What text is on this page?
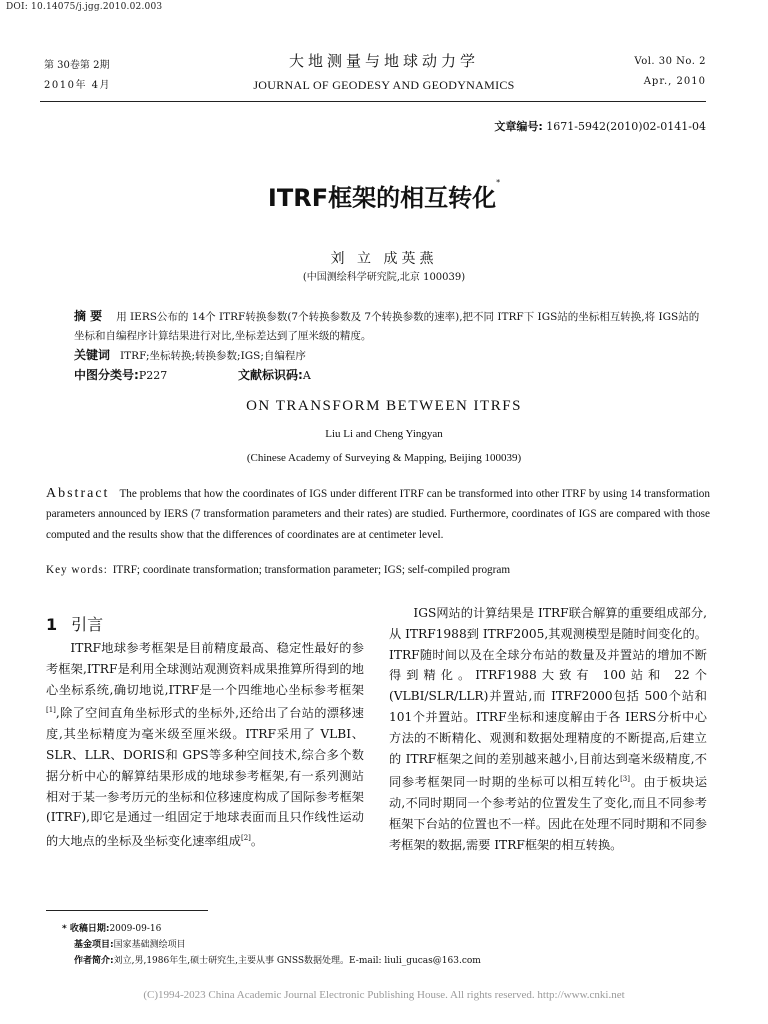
DOI: 10.14075/j.jgg.2010.02.003
第 30卷第 2期
2010年 4月
大地测量与地球动力学
JOURNAL OF GEODESY AND GEODYNAMICS
Vol. 30 No. 2
Apr., 2010
文章编号: 1671-5942(2010)02-0141-04
ITRF框架的相互转化*
刘 立 成英燕
(中国测绘科学研究院,北京 100039)
摘 要 用 IERS公布的 14个 ITRF转换参数(7个转换参数及 7个转换参数的速率),把不同 ITRF下 IGS站的坐标相互转换,将 IGS站的坐标和自编程序计算结果进行对比,坐标差达到了厘米级的精度。
关键词 ITRF;坐标转换;转换参数;IGS;自编程序
中图分类号:P227	文献标识码:A
ON TRANSFORM BETWEEN ITRFS
Liu Li and Cheng Yingyan
(Chinese Academy of Surveying & Mapping, Beijing 100039)
Abstract The problems that how the coordinates of IGS under different ITRF can be transformed into other ITRF by using 14 transformation parameters announced by IERS (7 transformation parameters and their rates) are studied. Furthermore, coordinates of IGS are compared with those computed and the results show that the differences of coordinates are at centimeter level.
Key words: ITRF; coordinate transformation; transformation parameter; IGS; self-compiled program
1 引言

ITRF地球参考框架是目前精度最高、稳定性最好的参考框架,ITRF是利用全球测站观测资料成果推算所得到的地心坐标系统,确切地说,ITRF是一个四维地心坐标参考框架[1],除了空间直角坐标形式的坐标外,还给出了台站的漂移速度,其坐标精度为毫米级至厘米级。ITRF采用了 VLBI、SLR、LLR、DORIS和 GPS等多种空间技术,综合多个数据分析中心的解算结果形成的地球参考框架,有一系列测站相对于某一参考历元的坐标和位移速度构成了国际参考框架(ITRF),即它是通过一组固定于地球表面而且只作线性运动的大地点的坐标及坐标变化速率组成[2]。

IGS网站的计算结果是 ITRF联合解算的重要组成部分,从 ITRF1988到 ITRF2005,其观测模型是随时间变化的。ITRF随时间以及在全球分布站的数量及并置站的增加不断得到精化。ITRF1988大致有 100站和 22个(VLBI/SLR/LLR)并置站,而 ITRF2000包括 500个站和 101个并置站。ITRF坐标和速度解由于各 IERS分析中心方法的不断精化、观测和数据处理精度的不断提高,后建立的 ITRF框架之间的差别越来越小,目前达到毫米级精度,不同参考框架同一时期的坐标可以相互转化[3]。由于板块运动,不同时期同一个参考站的位置发生了变化,而且不同参考框架下台站的位置也不一样。因此在处理不同时期和不同参考框架的数据,需要 ITRF框架的相互转换。

* 收稿日期:2009-09-16
基金项目:国家基础测绘项目
作者简介:刘立,男,1986年生,硕士研究生,主要从事 GNSS数据处理。E-mail: liuli_gucas@163.com
(C)1994-2023 China Academic Journal Electronic Publishing House. All rights reserved. http://www.cnki.net
